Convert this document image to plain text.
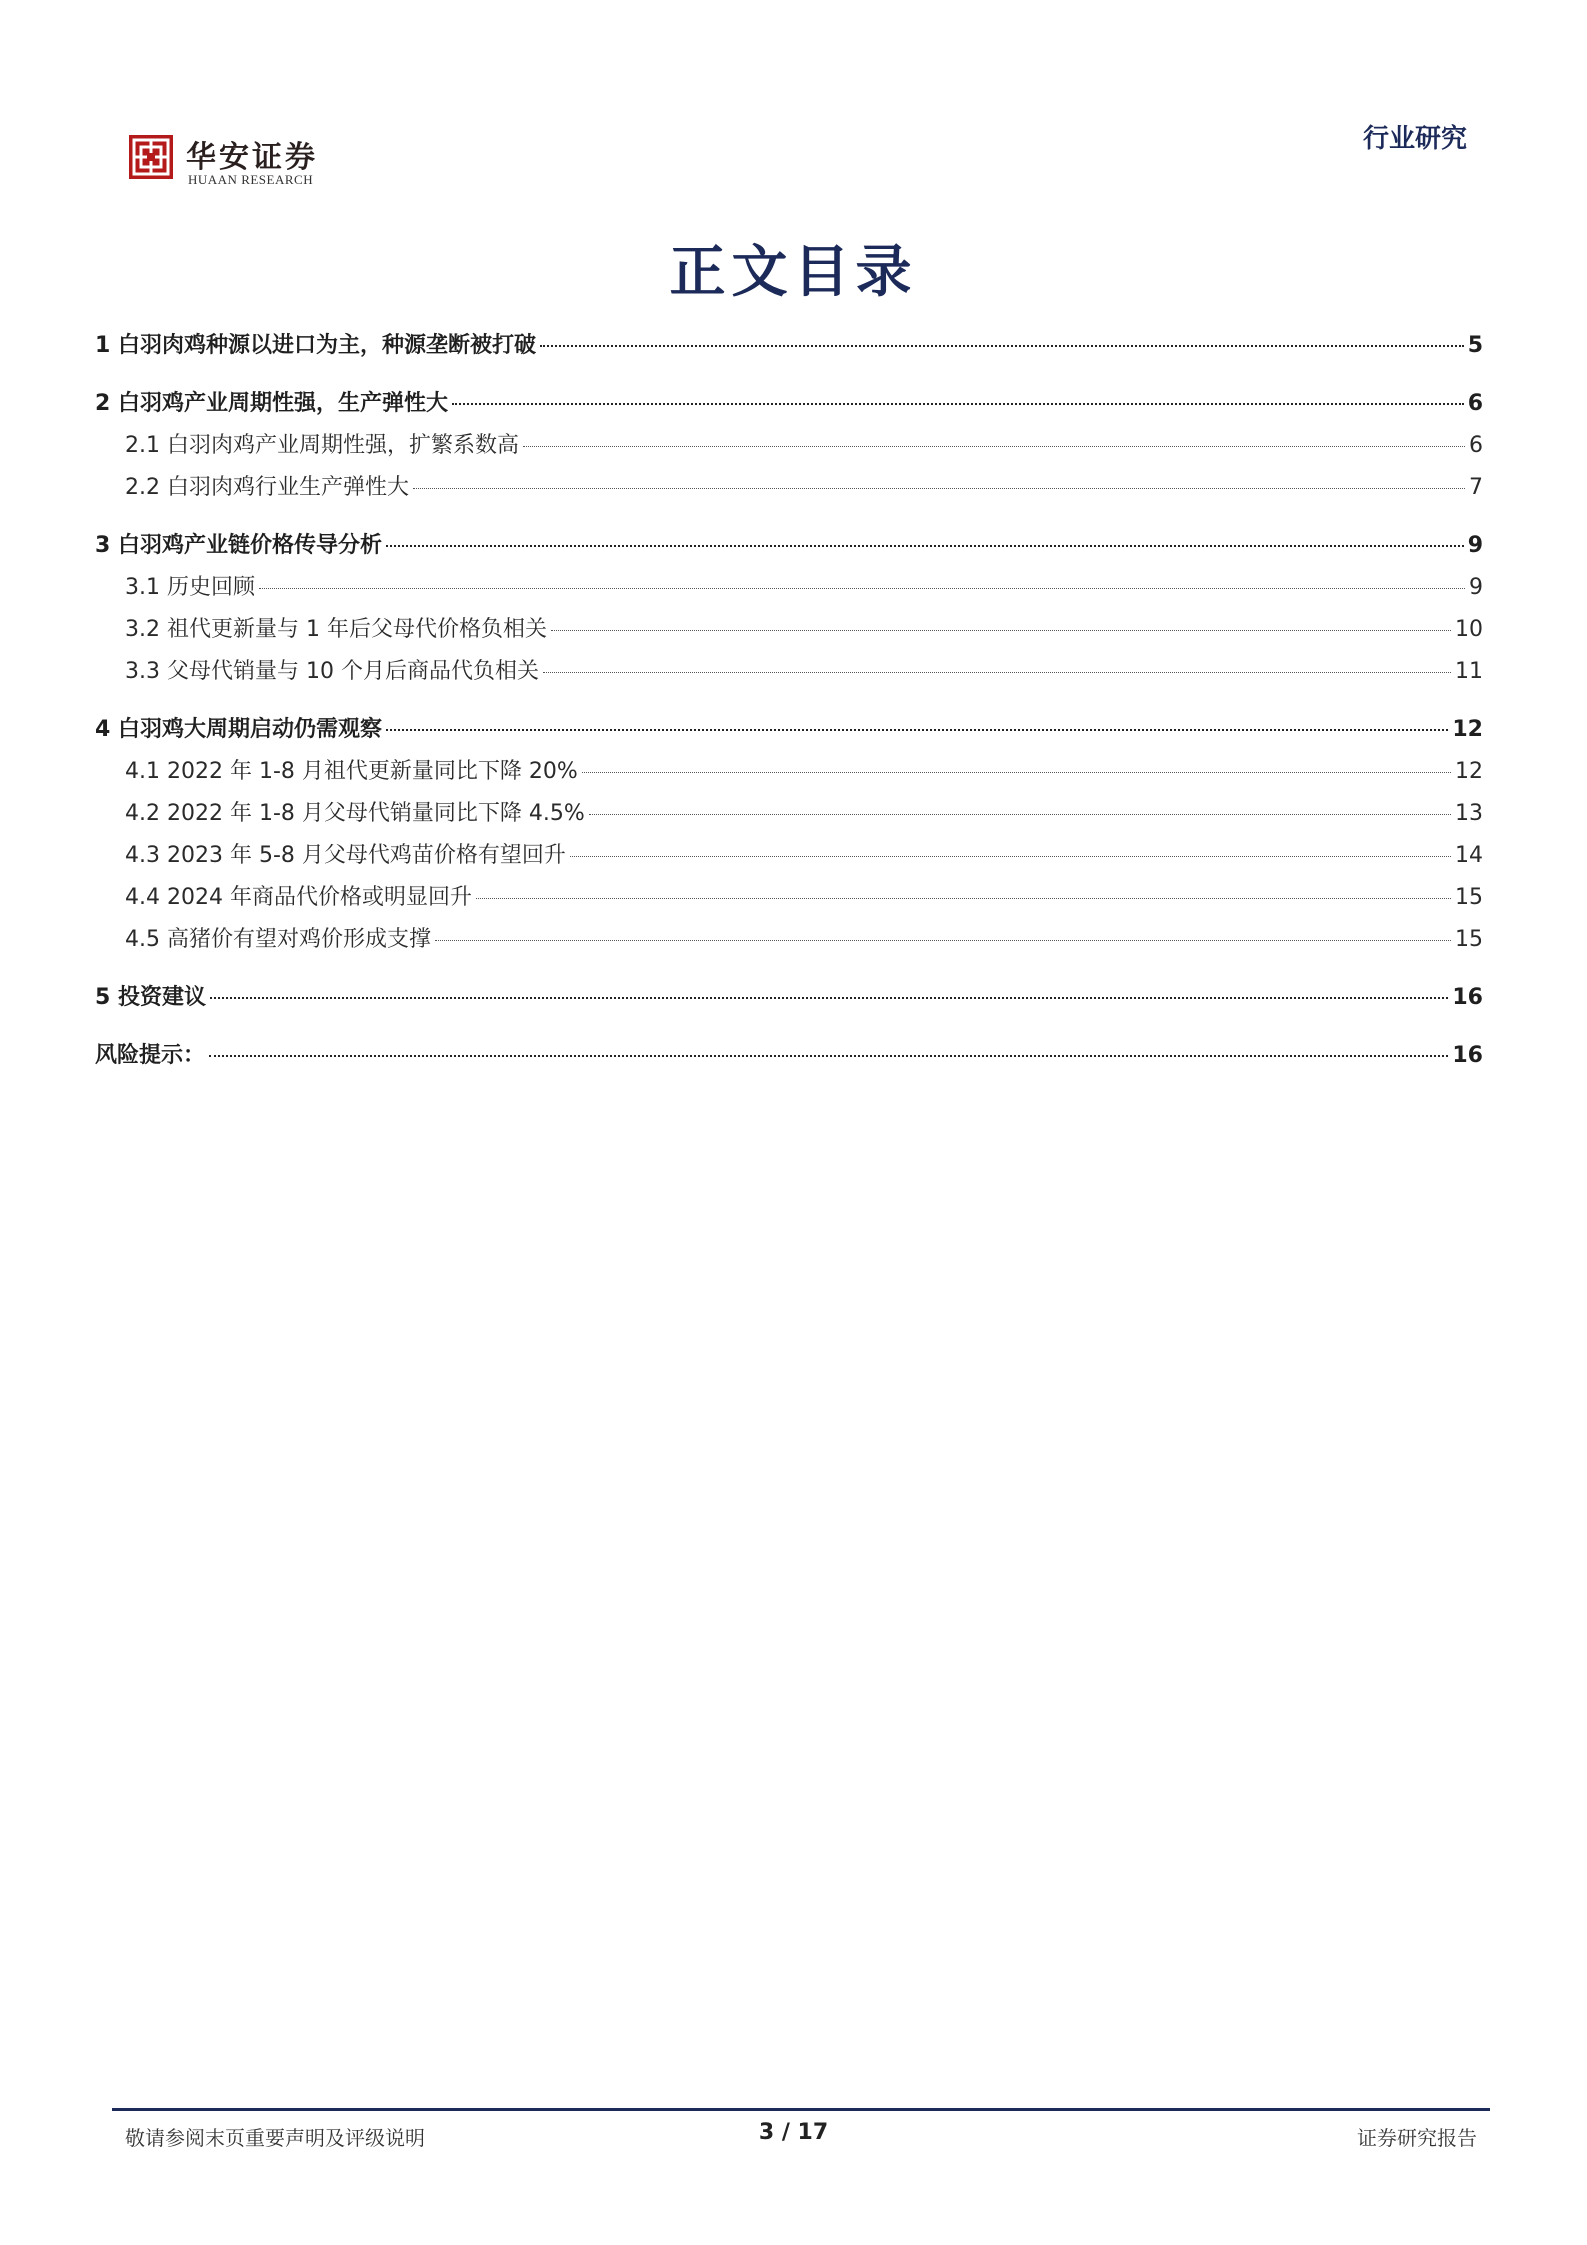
华安证券
HUAAN RESEARCH
行业研究
正文目录
1 白羽肉鸡种源以进口为主，种源垄断被打破	5
2 白羽鸡产业周期性强，生产弹性大	6
2.1 白羽肉鸡产业周期性强，扩繁系数高	6
2.2 白羽肉鸡行业生产弹性大	7
3 白羽鸡产业链价格传导分析	9
3.1 历史回顾	9
3.2 祖代更新量与 1 年后父母代价格负相关	10
3.3 父母代销量与 10 个月后商品代负相关	11
4 白羽鸡大周期启动仍需观察	12
4.1 2022 年 1-8 月祖代更新量同比下降 20%	12
4.2 2022 年 1-8 月父母代销量同比下降 4.5%	13
4.3 2023 年 5-8 月父母代鸡苗价格有望回升	14
4.4 2024 年商品代价格或明显回升	15
4.5 高猪价有望对鸡价形成支撑	15
5 投资建议	16
风险提示：	16
敬请参阅末页重要声明及评级说明	3 / 17	证券研究报告
